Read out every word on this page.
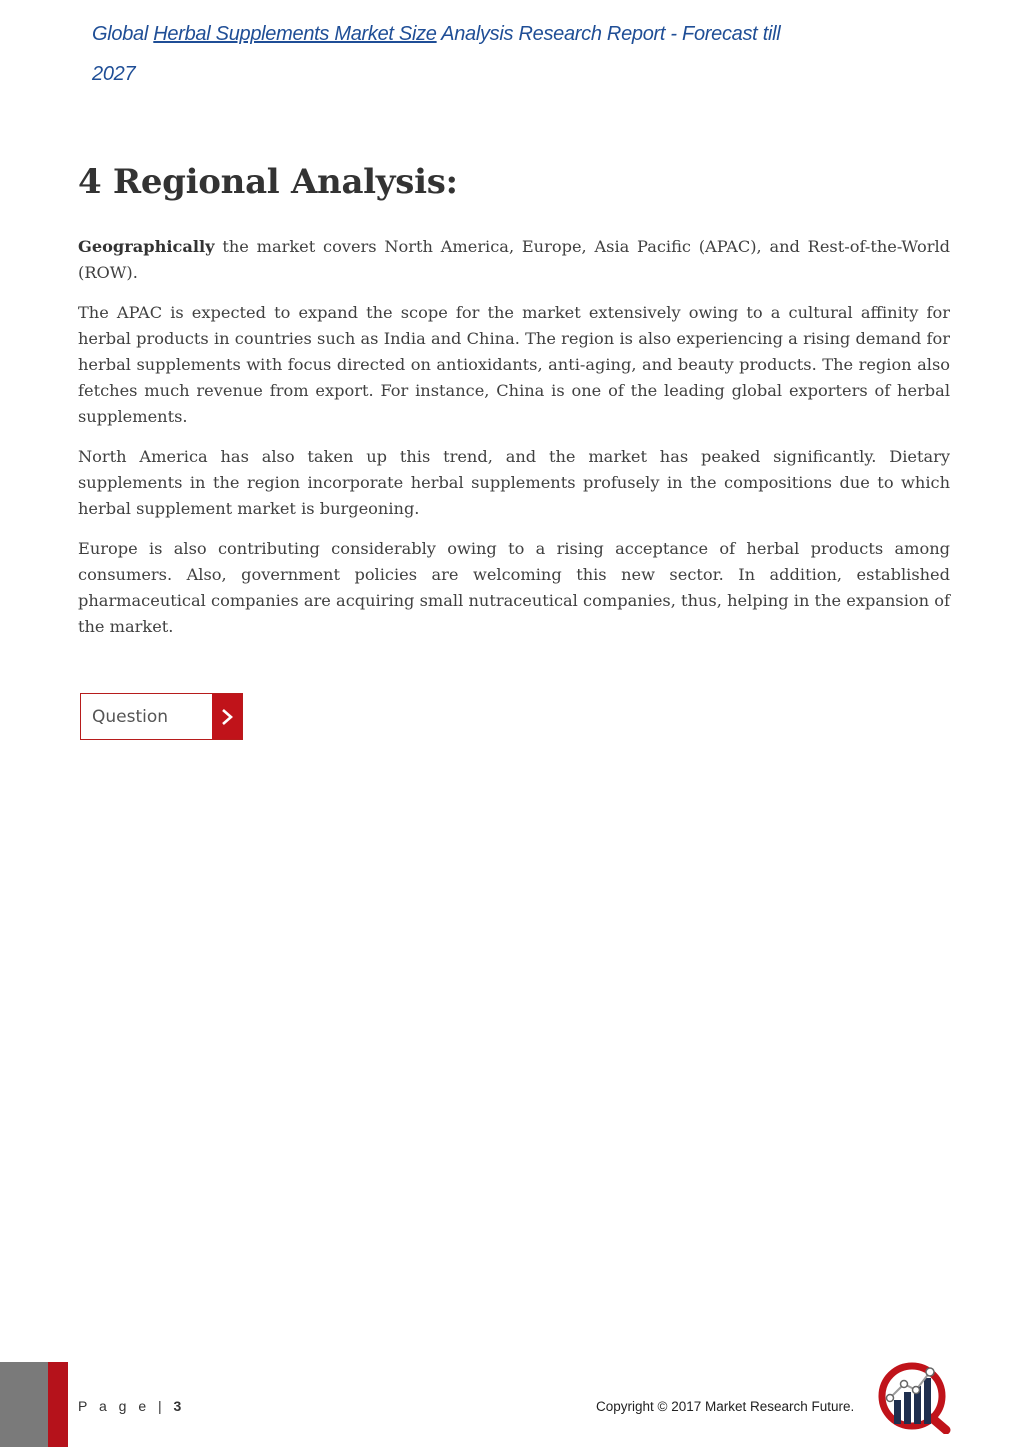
Global Herbal Supplements Market Size Analysis Research Report - Forecast till 2027
4 Regional Analysis:

Geographically the market covers North America, Europe, Asia Pacific (APAC), and Rest-of-the-World (ROW).

The APAC is expected to expand the scope for the market extensively owing to a cultural affinity for herbal products in countries such as India and China. The region is also experiencing a rising demand for herbal supplements with focus directed on antioxidants, anti-aging, and beauty products. The region also fetches much revenue from export. For instance, China is one of the leading global exporters of herbal supplements.

North America has also taken up this trend, and the market has peaked significantly. Dietary supplements in the region incorporate herbal supplements profusely in the compositions due to which herbal supplement market is burgeoning.

Europe is also contributing considerably owing to a rising acceptance of herbal products among consumers. Also, government policies are welcoming this new sector. In addition, established pharmaceutical companies are acquiring small nutraceutical companies, thus, helping in the expansion of the market.

Question
P a g e | 3	Copyright © 2017 Market Research Future.
